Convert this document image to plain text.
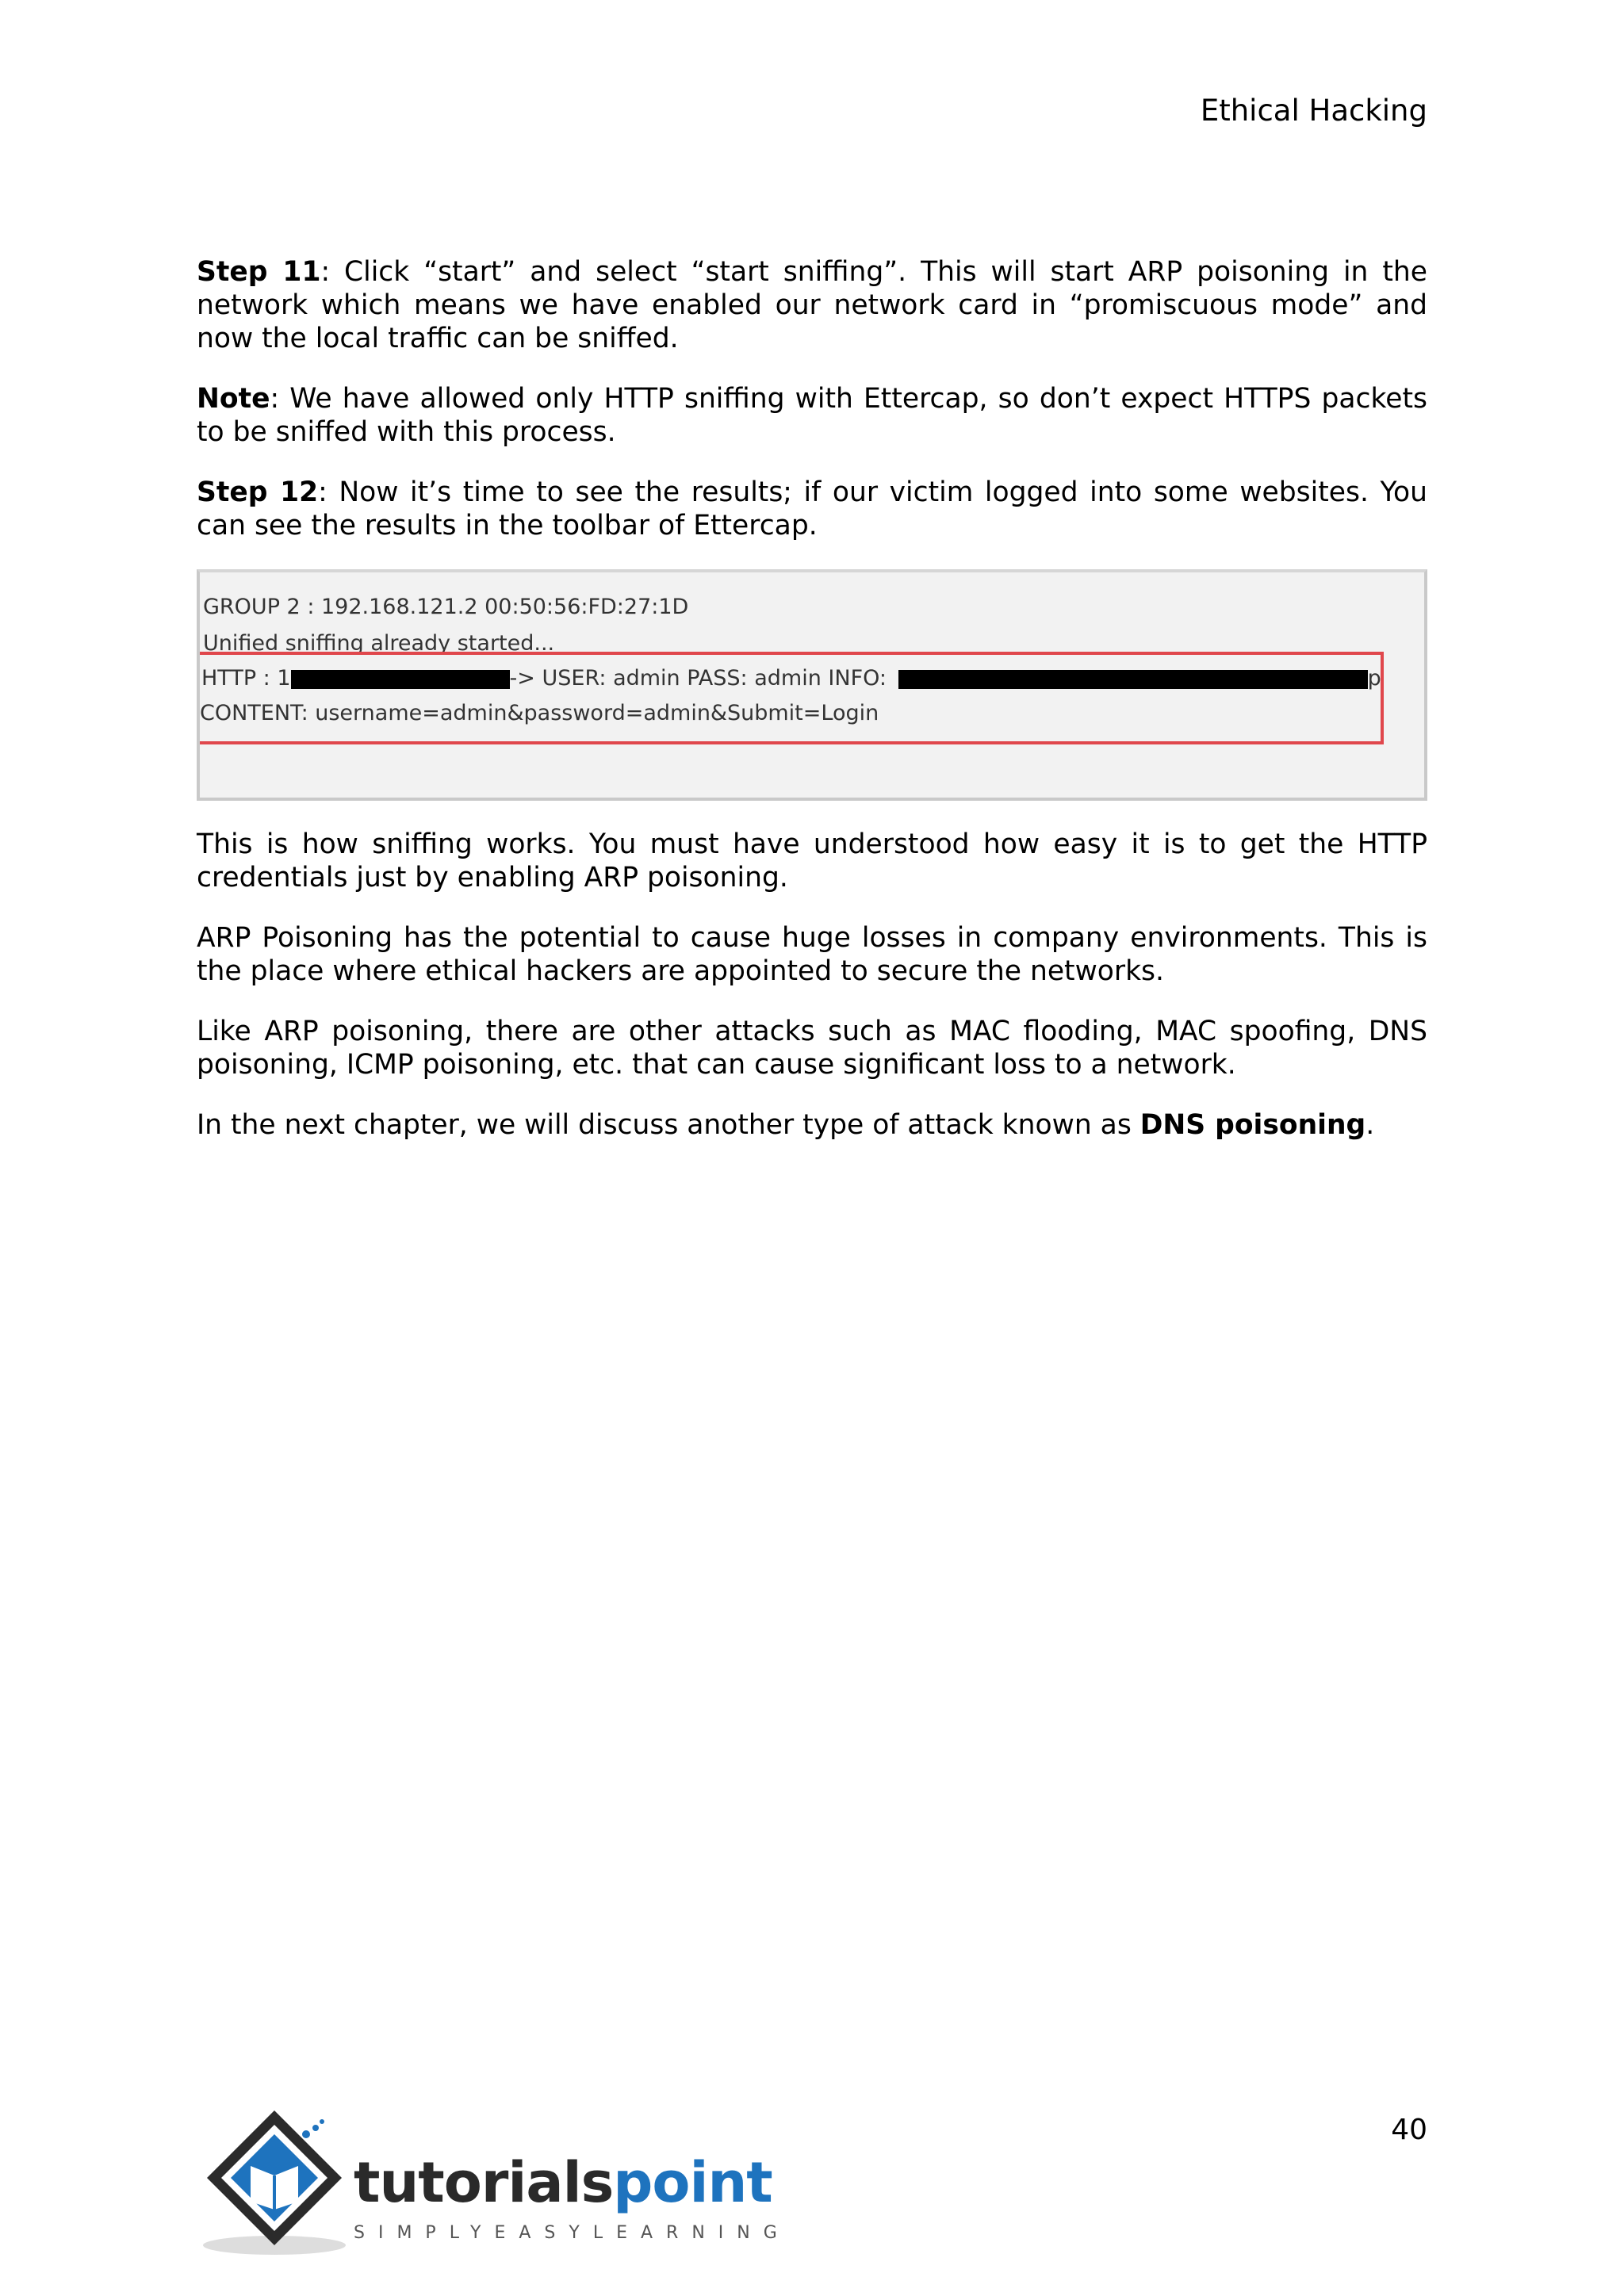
Ethical Hacking

Step 11: Click “start” and select “start sniffing”. This will start ARP poisoning in the network which means we have enabled our network card in “promiscuous mode” and now the local traffic can be sniffed.

Note: We have allowed only HTTP sniffing with Ettercap, so don’t expect HTTPS packets to be sniffed with this process.

Step 12: Now it’s time to see the results; if our victim logged into some websites. You can see the results in the toolbar of Ettercap.

GROUP 2 : 192.168.121.2 00:50:56:FD:27:1D
Unified sniffing already started...
HTTP : 1	-> USER: admin PASS: admin INFO:	p
CONTENT: username=admin&password=admin&Submit=Login

This is how sniffing works. You must have understood how easy it is to get the HTTP credentials just by enabling ARP poisoning.

ARP Poisoning has the potential to cause huge losses in company environments. This is the place where ethical hackers are appointed to secure the networks.

Like ARP poisoning, there are other attacks such as MAC flooding, MAC spoofing, DNS poisoning, ICMP poisoning, etc. that can cause significant loss to a network.

In the next chapter, we will discuss another type of attack known as DNS poisoning.

40
tutorialspoint
SIMPLYEASYLEARNING
